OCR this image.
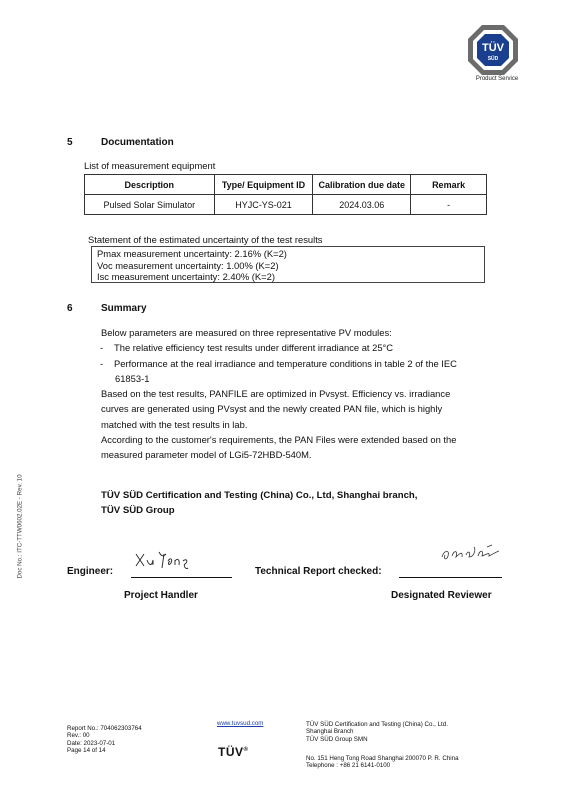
TÜV
SÜD
Product Service
5	Documentation
List of measurement equipment
Description	Type/ Equipment ID	Calibration due date	Remark
Pulsed Solar Simulator	HYJC-YS-021	2024.03.06	-
Statement of the estimated uncertainty of the test results
Pmax measurement uncertainty: 2.16% (K=2)
Voc measurement uncertainty: 1.00% (K=2)
Isc measurement uncertainty: 2.40% (K=2)
6	Summary
Below parameters are measured on three representative PV modules:
- The relative efficiency test results under different irradiance at 25°C
- Performance at the real irradiance and temperature conditions in table 2 of the IEC
61853-1
Based on the test results, PANFILE are optimized in Pvsyst. Efficiency vs. irradiance
curves are generated using PVsyst and the newly created PAN file, which is highly
matched with the test results in lab.
According to the customer's requirements, the PAN Files were extended based on the
measured parameter model of LGi5-72HBD-540M.
TÜV SÜD Certification and Testing (China) Co., Ltd, Shanghai branch,
TÜV SÜD Group
Engineer:
Project Handler
Technical Report checked:
Designated Reviewer
Doc No.: ITC-TTW0602.02E - Rev. 10
Report No.: 704062303764
Rev.: 00
Date: 2023-07-01
Page 14 of 14
www.tuvsud.com
TÜV®
TÜV SÜD Certification and Testing (China) Co., Ltd.
Shanghai Branch
TÜV SÜD Group SMN
No. 151 Heng Tong Road Shanghai 200070 P. R. China
Telephone : +86 21 6141-0100
